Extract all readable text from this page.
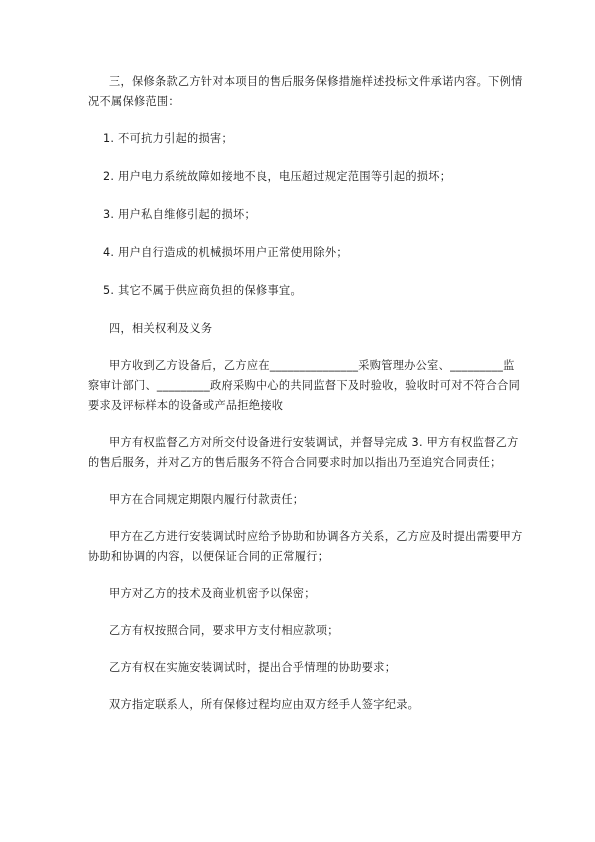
三，保修条款乙方针对本项目的售后服务保修措施样述投标文件承诺内容。下例情况不属保修范围：

1. 不可抗力引起的损害；

2. 用户电力系统故障如接地不良，电压超过规定范围等引起的损坏；

3. 用户私自维修引起的损坏；

4. 用户自行造成的机械损坏用户正常使用除外；

5. 其它不属于供应商负担的保修事宜。

四，相关权利及义务

甲方收到乙方设备后，乙方应在_______________采购管理办公室、_________监察审计部门、_________政府采购中心的共同监督下及时验收，验收时可对不符合合同要求及评标样本的设备或产品拒绝接收

甲方有权监督乙方对所交付设备进行安装调试，并督导完成 3. 甲方有权监督乙方的售后服务，并对乙方的售后服务不符合合同要求时加以指出乃至追究合同责任；

甲方在合同规定期限内履行付款责任；

甲方在乙方进行安装调试时应给予协助和协调各方关系，乙方应及时提出需要甲方协助和协调的内容，以便保证合同的正常履行；

甲方对乙方的技术及商业机密予以保密；

乙方有权按照合同，要求甲方支付相应款项；

乙方有权在实施安装调试时，提出合乎情理的协助要求；

双方指定联系人，所有保修过程均应由双方经手人签字纪录。
